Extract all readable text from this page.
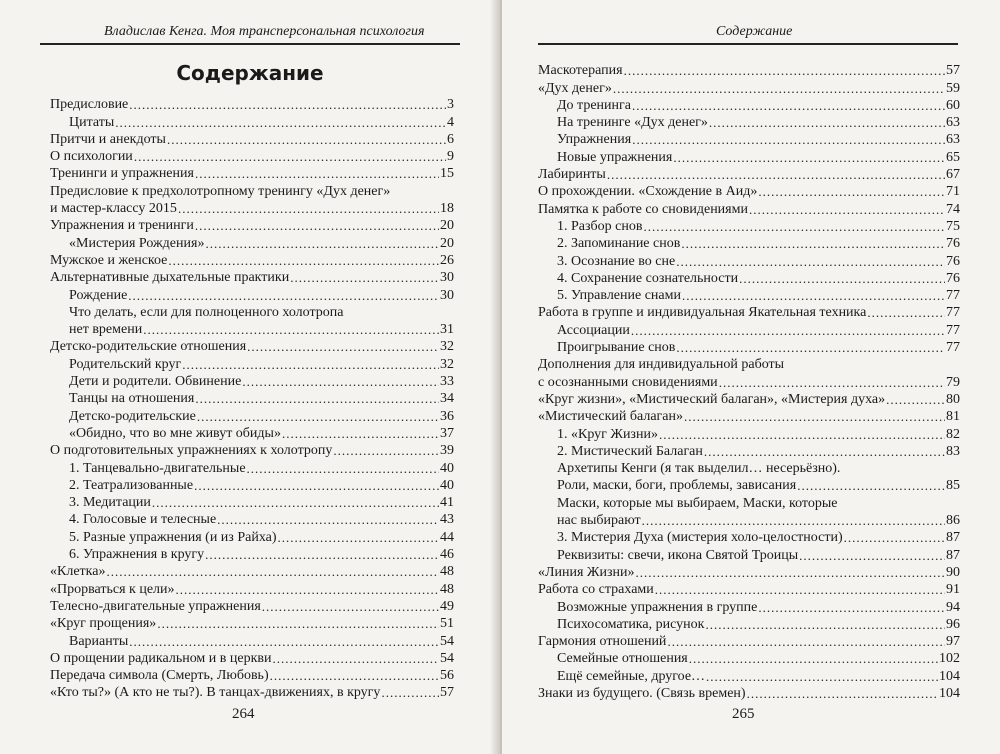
Владислав Кенга. Моя трансперсональная психология
Содержание
Предисловие .....	3
Цитаты .....	4
Притчи и анекдоты .....	6
О психологии .....	9
Тренинги и упражнения .....	15
Предисловие к предхолотропному тренингу «Дух денег»
и мастер-классу 2015 .....	18
Упражнения и тренинги .....	20
«Мистерия Рождения» .....	20
Мужское и женское .....	26
Альтернативные дыхательные практики .....	30
Рождение .....	30
Что делать, если для полноценного холотропа
нет времени .....	31
Детско-родительские отношения .....	32
Родительский круг .....	32
Дети и родители. Обвинение .....	33
Танцы на отношения .....	34
Детско-родительские .....	36
«Обидно, что во мне живут обиды» .....	37
О подготовительных упражнениях к холотропу .....	39
1. Танцевально-двигательные .....	40
2. Театрализованные .....	40
3. Медитации .....	41
4. Голосовые и телесные .....	43
5. Разные упражнения (и из Райха) .....	44
6. Упражнения в кругу .....	46
«Клетка» .....	48
«Прорваться к цели» .....	48
Телесно-двигательные упражнения .....	49
«Круг прощения» .....	51
Варианты .....	54
О прощении радикальном и в церкви .....	54
Передача символа (Смерть, Любовь) .....	56
«Кто ты?» (А кто не ты?). В танцах-движениях, в кругу .....	57
264
Содержание
Маскотерапия .....	57
«Дух денег» .....	59
До тренинга .....	60
На тренинге «Дух денег» .....	63
Упражнения .....	63
Новые упражнения .....	65
Лабиринты .....	67
О прохождении. «Схождение в Аид» .....	71
Памятка к работе со сновидениями .....	74
1. Разбор снов .....	75
2. Запоминание снов .....	76
3. Осознание во сне .....	76
4. Сохранение сознательности .....	76
5. Управление снами .....	77
Работа в группе и индивидуальная Якательная техника .....	77
Ассоциации .....	77
Проигрывание снов .....	77
Дополнения для индивидуальной работы
с осознанными сновидениями .....	79
«Круг жизни», «Мистический балаган», «Мистерия духа» .....	80
«Мистический балаган» .....	81
1. «Круг Жизни» .....	82
2. Мистический Балаган .....	83
Архетипы Кенги (я так выделил… несерьёзно).
Роли, маски, боги, проблемы, зависания .....	85
Маски, которые мы выбираем, Маски, которые
нас выбирают .....	86
3. Мистерия Духа (мистерия холо-целостности) .....	87
Реквизиты: свечи, икона Святой Троицы .....	87
«Линия Жизни» .....	90
Работа со страхами .....	91
Возможные упражнения в группе .....	94
Психосоматика, рисунок .....	96
Гармония отношений .....	97
Семейные отношения .....	102
Ещё семейные, другое… .....	104
Знаки из будущего. (Связь времен) .....	104
265
